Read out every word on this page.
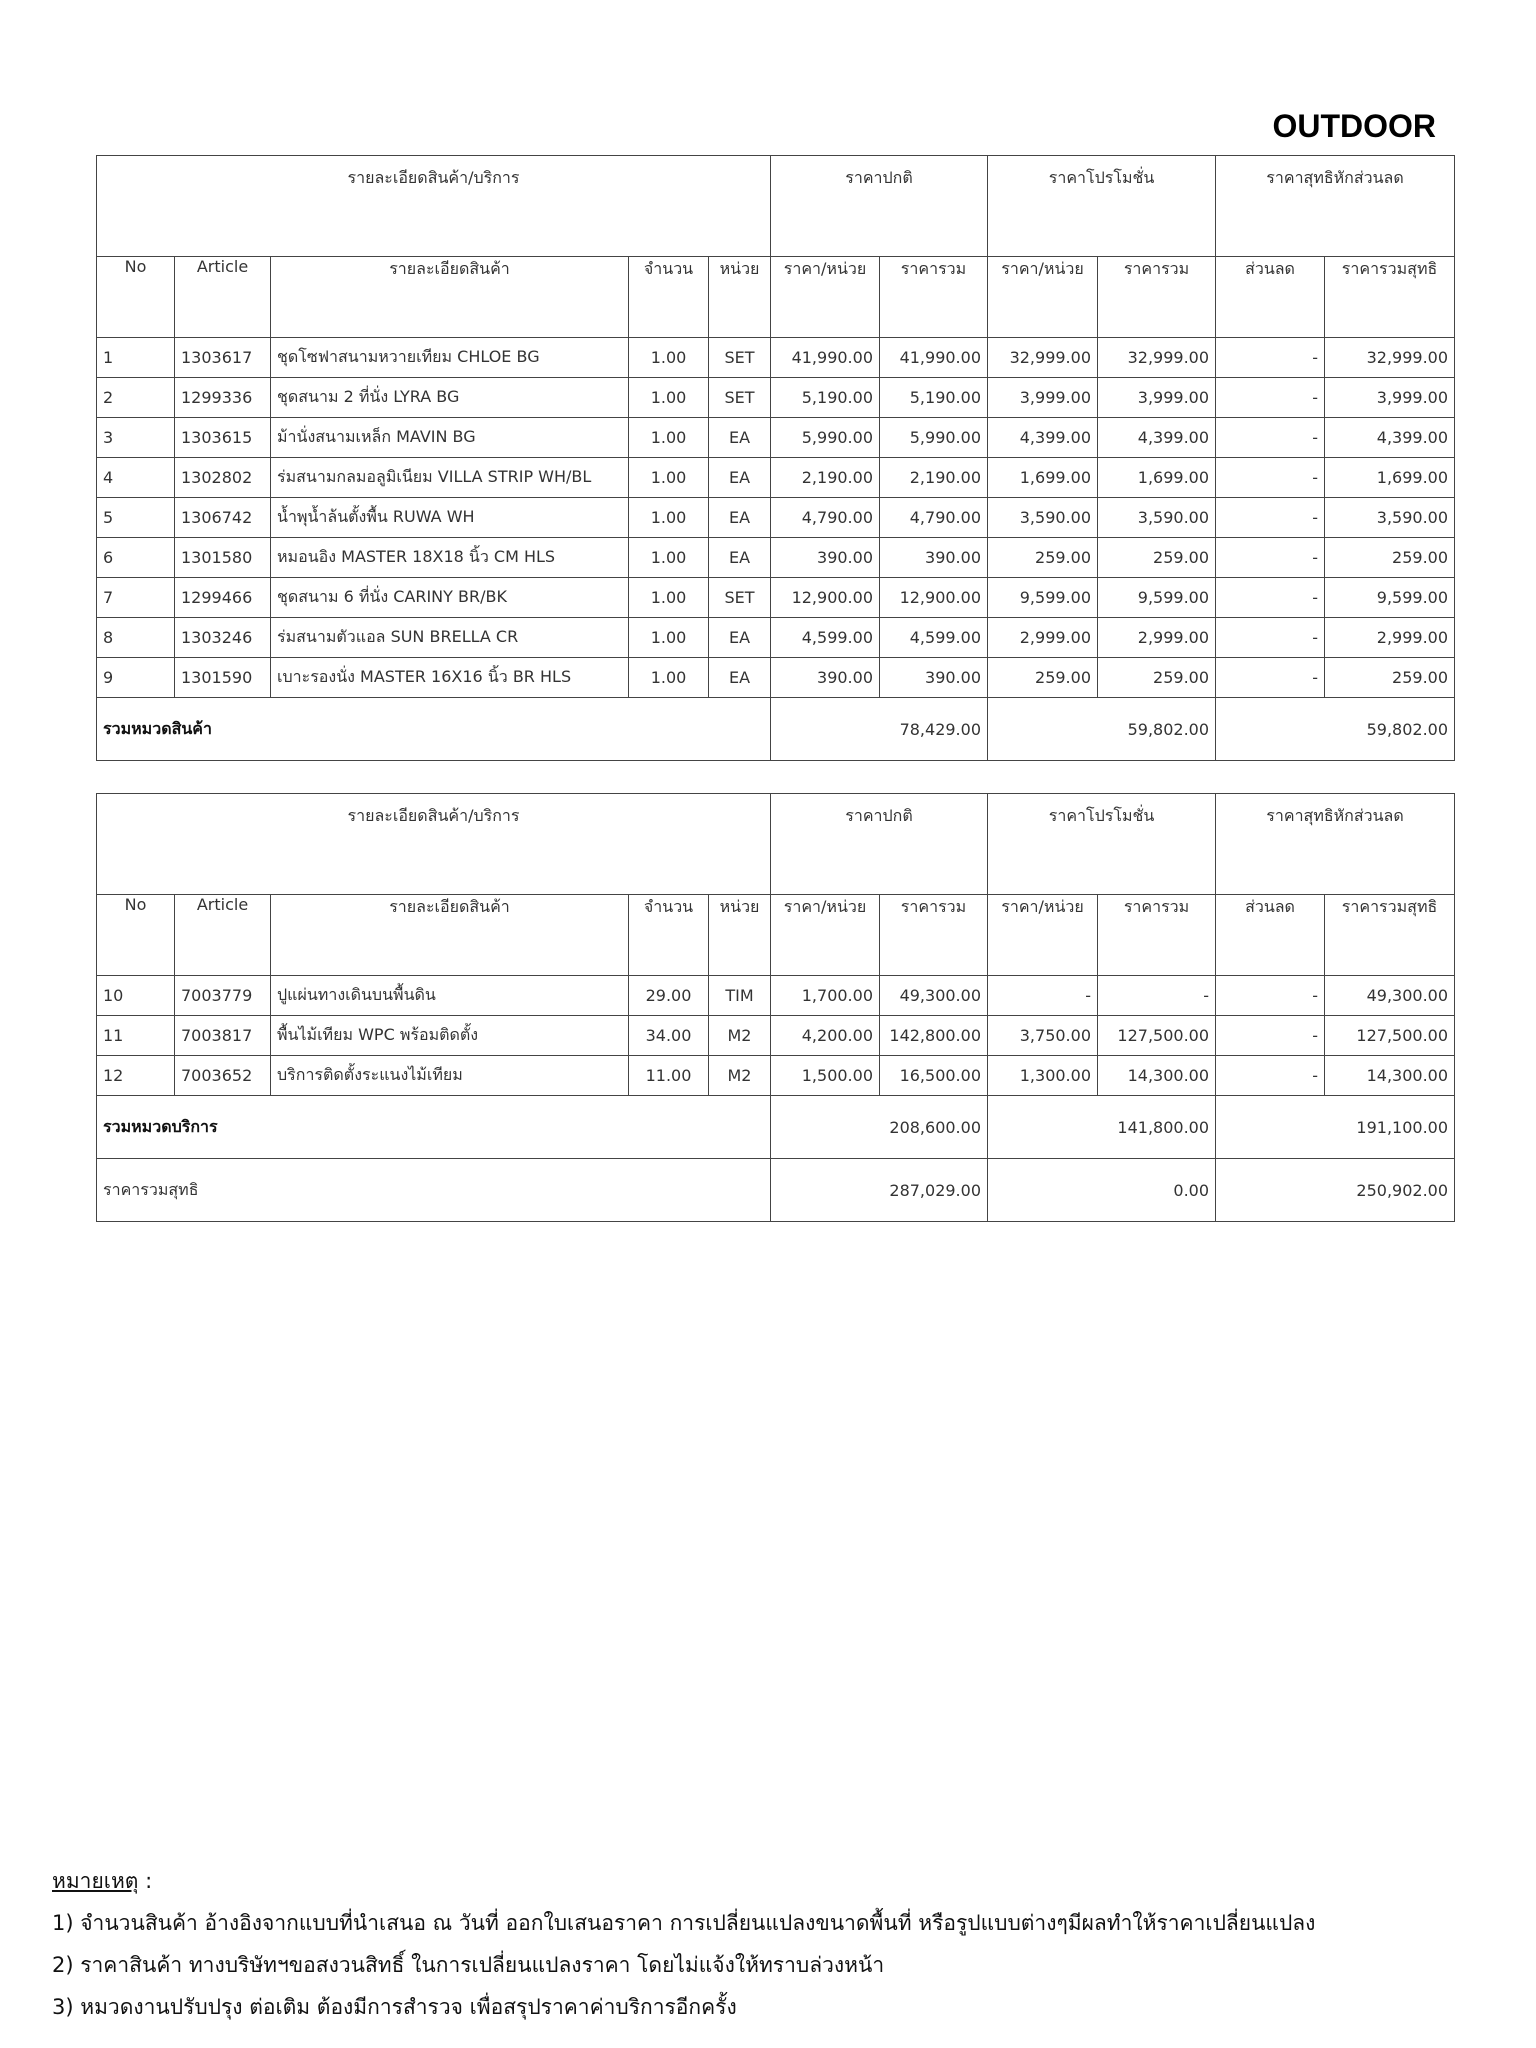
OUTDOOR
รายละเอียดสินค้า/บริการ					ราคาปกติ		ราคาโปรโมชั่น		ราคาสุทธิหักส่วนลด	
No	Article	รายละเอียดสินค้า	จำนวน	หน่วย	ราคา/หน่วย	ราคารวม	ราคา/หน่วย	ราคารวม	ส่วนลด	ราคารวมสุทธิ
1	1303617	ชุดโซฟาสนามหวายเทียม CHLOE BG	1.00	SET	41,990.00	41,990.00	32,999.00	32,999.00	-	32,999.00
2	1299336	ชุดสนาม 2 ที่นั่ง LYRA BG	1.00	SET	5,190.00	5,190.00	3,999.00	3,999.00	-	3,999.00
3	1303615	ม้านั่งสนามเหล็ก MAVIN BG	1.00	EA	5,990.00	5,990.00	4,399.00	4,399.00	-	4,399.00
4	1302802	ร่มสนามกลมอลูมิเนียม VILLA STRIP WH/BL	1.00	EA	2,190.00	2,190.00	1,699.00	1,699.00	-	1,699.00
5	1306742	น้ำพุน้ำล้นตั้งพื้น RUWA WH	1.00	EA	4,790.00	4,790.00	3,590.00	3,590.00	-	3,590.00
6	1301580	หมอนอิง MASTER 18X18 นิ้ว CM HLS	1.00	EA	390.00	390.00	259.00	259.00	-	259.00
7	1299466	ชุดสนาม 6 ที่นั่ง CARINY BR/BK	1.00	SET	12,900.00	12,900.00	9,599.00	9,599.00	-	9,599.00
8	1303246	ร่มสนามตัวแอล SUN BRELLA CR	1.00	EA	4,599.00	4,599.00	2,999.00	2,999.00	-	2,999.00
9	1301590	เบาะรองนั่ง MASTER 16X16 นิ้ว BR HLS	1.00	EA	390.00	390.00	259.00	259.00	-	259.00
รวมหมวดสินค้า					78,429.00		59,802.00		59,802.00	
รายละเอียดสินค้า/บริการ					ราคาปกติ		ราคาโปรโมชั่น		ราคาสุทธิหักส่วนลด	
No	Article	รายละเอียดสินค้า	จำนวน	หน่วย	ราคา/หน่วย	ราคารวม	ราคา/หน่วย	ราคารวม	ส่วนลด	ราคารวมสุทธิ
10	7003779	ปูแผ่นทางเดินบนพื้นดิน	29.00	TIM	1,700.00	49,300.00	-	-	-	49,300.00
11	7003817	พื้นไม้เทียม WPC พร้อมติดตั้ง	34.00	M2	4,200.00	142,800.00	3,750.00	127,500.00	-	127,500.00
12	7003652	บริการติดตั้งระแนงไม้เทียม	11.00	M2	1,500.00	16,500.00	1,300.00	14,300.00	-	14,300.00
รวมหมวดบริการ					208,600.00		141,800.00		191,100.00	
ราคารวมสุทธิ					287,029.00		0.00		250,902.00	
หมายเหตุ :
1) จำนวนสินค้า อ้างอิงจากแบบที่นำเสนอ ณ วันที่ ออกใบเสนอราคา การเปลี่ยนแปลงขนาดพื้นที่ หรือรูปแบบต่างๆมีผลทำให้ราคาเปลี่ยนแปลง
2) ราคาสินค้า ทางบริษัทฯขอสงวนสิทธิ์ ในการเปลี่ยนแปลงราคา โดยไม่แจ้งให้ทราบล่วงหน้า
3) หมวดงานปรับปรุง ต่อเติม ต้องมีการสำรวจ เพื่อสรุปราคาค่าบริการอีกครั้ง
